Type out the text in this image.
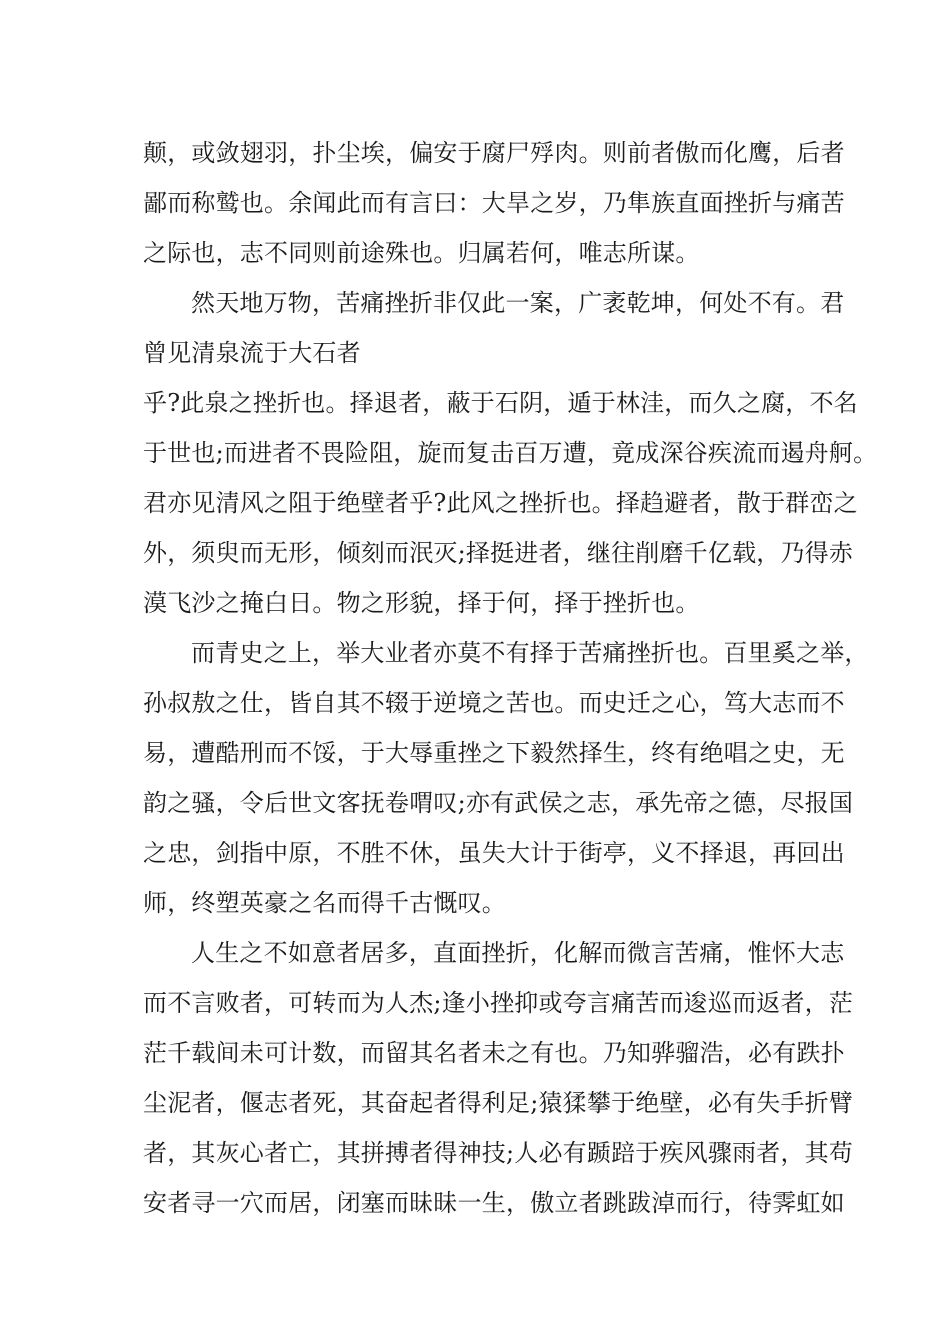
颠，或敛翅羽，扑尘埃，偏安于腐尸殍肉。则前者傲而化鹰，后者
鄙而称鹫也。余闻此而有言曰：大旱之岁，乃隼族直面挫折与痛苦
之际也，志不同则前途殊也。归属若何，唯志所谋。
然天地万物，苦痛挫折非仅此一案，广袤乾坤，何处不有。君
曾见清泉流于大石者
乎?此泉之挫折也。择退者，蔽于石阴，遁于林洼，而久之腐，不名
于世也;而进者不畏险阻，旋而复击百万遭，竟成深谷疾流而遏舟舸。
君亦见清风之阻于绝壁者乎?此风之挫折也。择趋避者，散于群峦之
外，须臾而无形，倾刻而泯灭;择挺进者，继往削磨千亿载，乃得赤
漠飞沙之掩白日。物之形貌，择于何，择于挫折也。
而青史之上，举大业者亦莫不有择于苦痛挫折也。百里奚之举，
孙叔敖之仕，皆自其不辍于逆境之苦也。而史迁之心，笃大志而不
易，遭酷刑而不馁，于大辱重挫之下毅然择生，终有绝唱之史，无
韵之骚，令后世文客抚卷喟叹;亦有武侯之志，承先帝之德，尽报国
之忠，剑指中原，不胜不休，虽失大计于街亭，义不择退，再回出
师，终塑英豪之名而得千古慨叹。
人生之不如意者居多，直面挫折，化解而微言苦痛，惟怀大志
而不言败者，可转而为人杰;逢小挫抑或夸言痛苦而逡巡而返者，茫
茫千载间未可计数，而留其名者未之有也。乃知骅骝浩，必有跌扑
尘泥者，偃志者死，其奋起者得利足;猿猱攀于绝壁，必有失手折臂
者，其灰心者亡，其拼搏者得神技;人必有踬踣于疾风骤雨者，其苟
安者寻一穴而居，闭塞而昧昧一生，傲立者跳跋淖而行，待霁虹如
